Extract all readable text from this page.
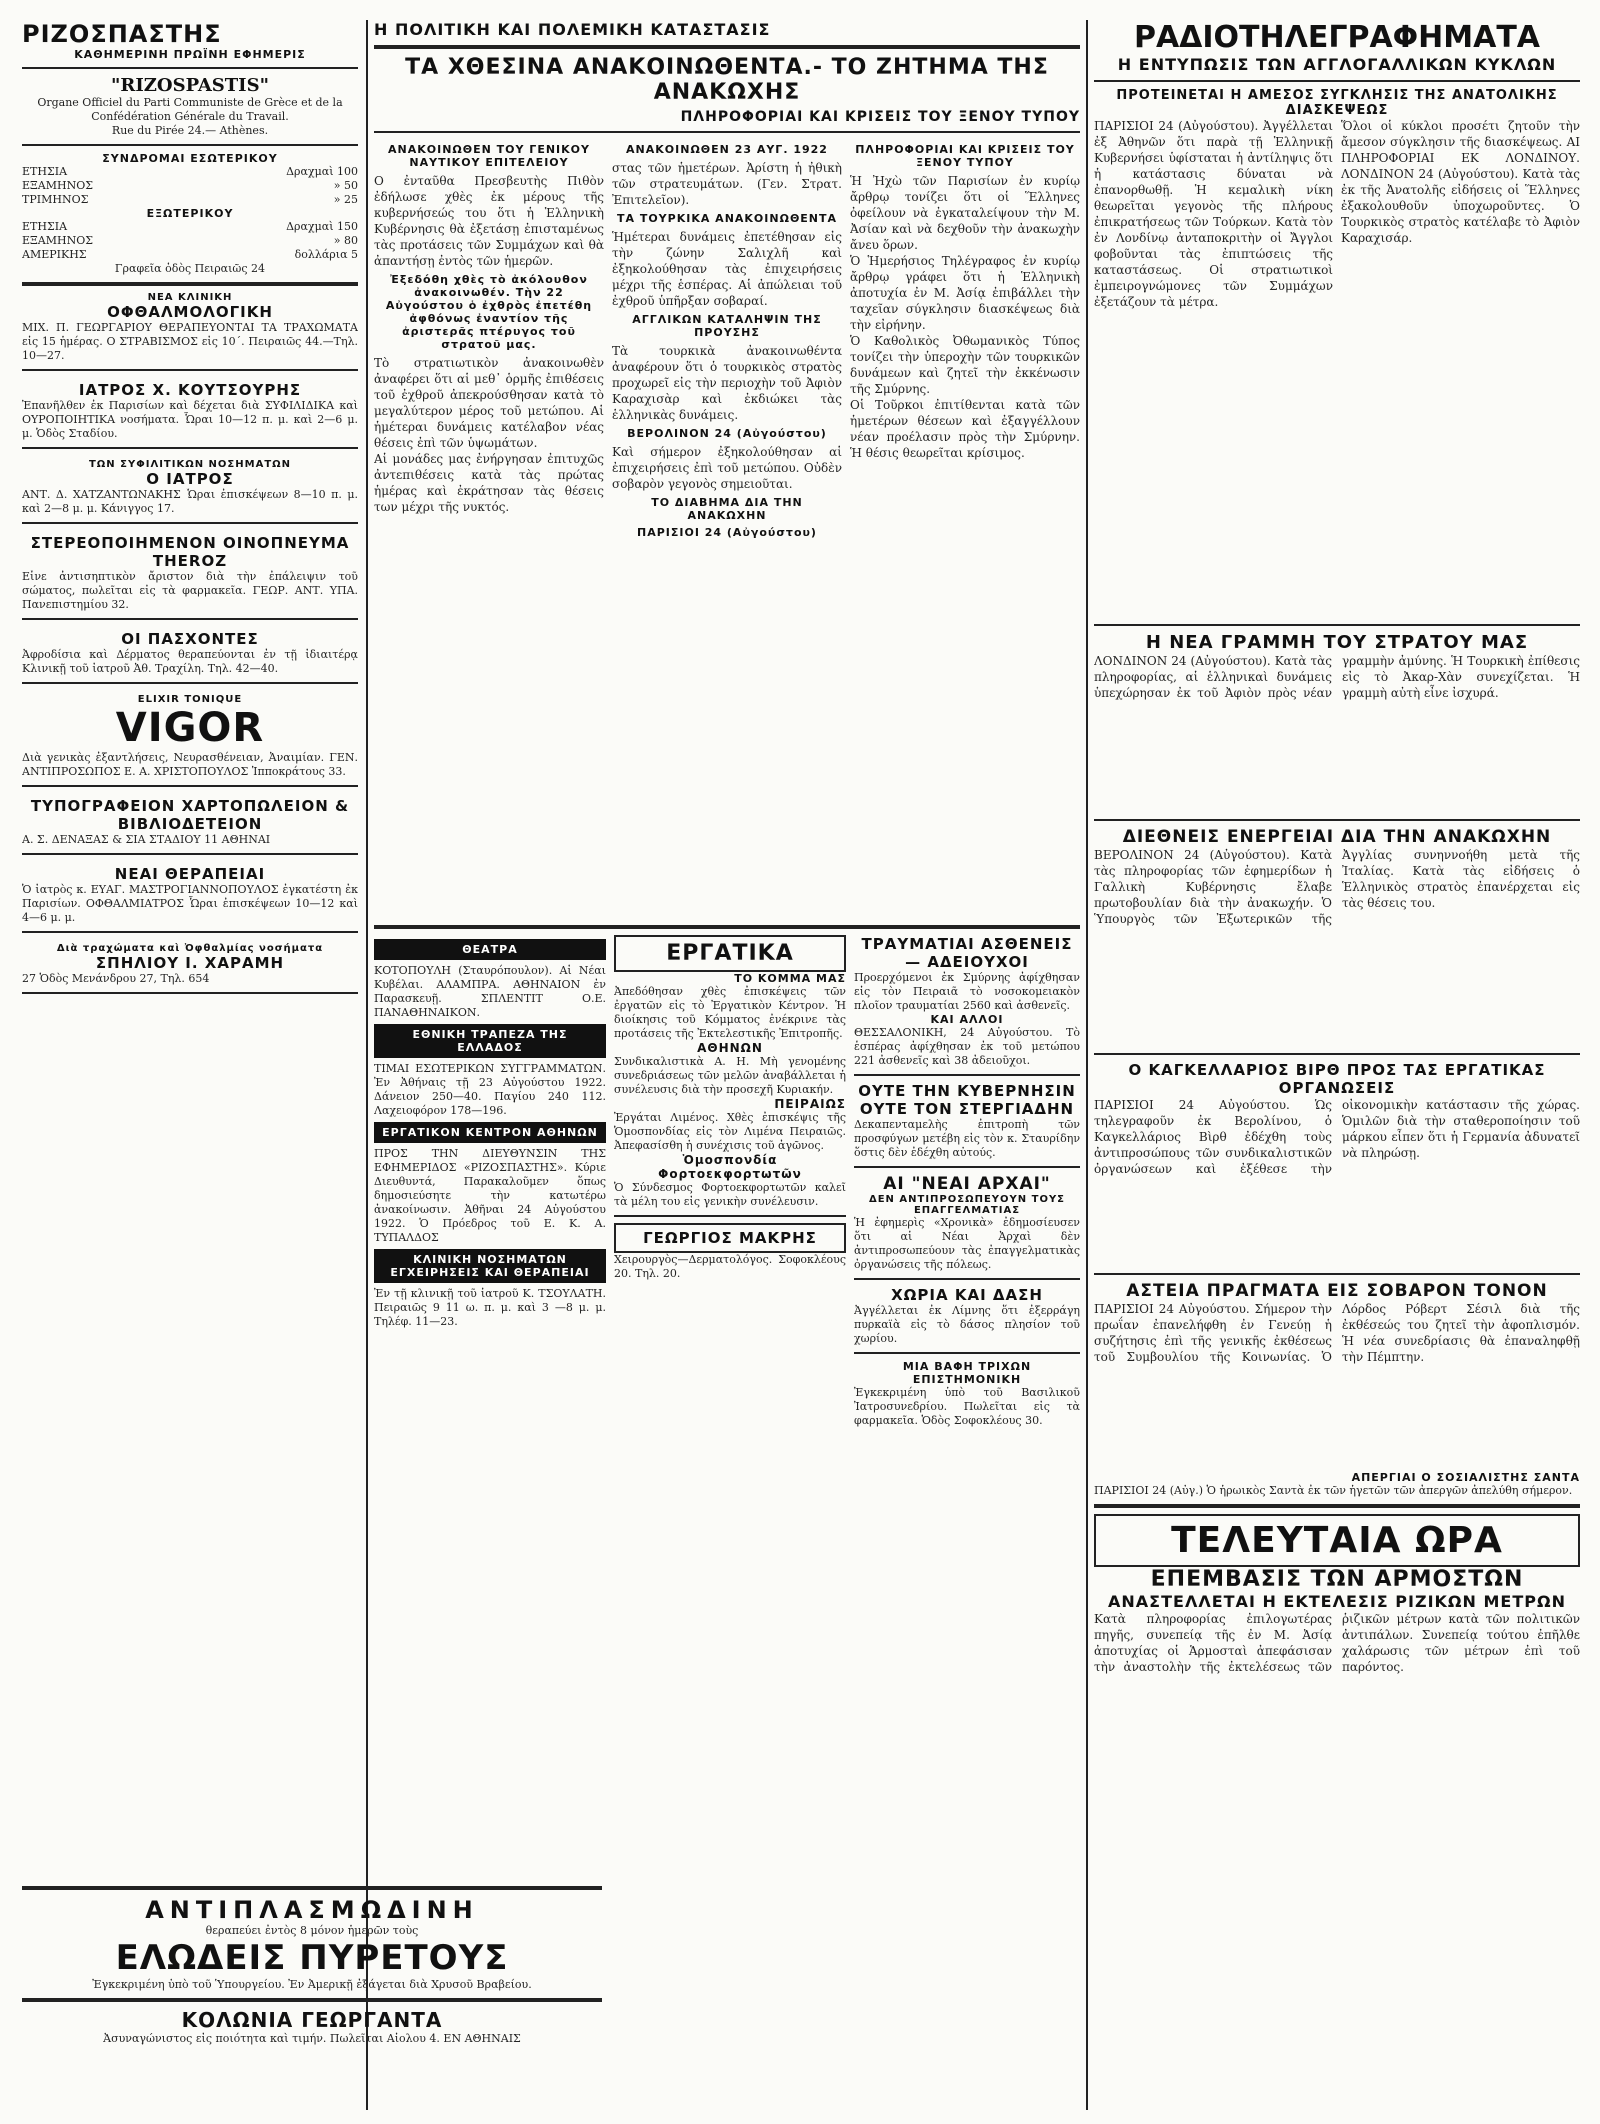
ΡΙΖΟΣΠΑΣΤΗΣ
ΚΑΘΗΜΕΡΙΝΗ ΠΡΩΪΝΗ ΕΦΗΜΕΡΙΣ
"RIZOSPASTIS"
Organe Officiel du Parti Communiste de Grèce et de la Confédération Générale du Travail.
Rue du Pirée 24.— Athènes.
ΣΥΝΔΡΟΜΑΙ ΕΣΩΤΕΡΙΚΟΥ
ΕΤΗΣΙΑ	Δραχμαὶ 100
ΕΞΑΜΗΝΟΣ	» 50
ΤΡΙΜΗΝΟΣ	» 25
ΕΞΩΤΕΡΙΚΟΥ
ΕΤΗΣΙΑ	Δραχμαὶ 150
ΕΞΑΜΗΝΟΣ	» 80
ΑΜΕΡΙΚΗΣ	δολλάρια 5
Γραφεῖα ὁδὸς Πειραιῶς 24
ΝΕΑ ΚΛΙΝΙΚΗ
ΟΦΘΑΛΜΟΛΟΓΙΚΗ
ΜΙΧ. Π. ΓΕΩΡΓΑΡΙΟΥ ΘΕΡΑΠΕΥΟΝΤΑΙ ΤΑ ΤΡΑΧΩΜΑΤΑ εἰς 15 ἡμέρας. Ο ΣΤΡΑΒΙΣΜΟΣ εἰς 10΄. Πειραιῶς 44.—Τηλ. 10—27.
ΙΑΤΡΟΣ Χ. ΚΟΥΤΣΟΥΡΗΣ
Ἐπανῆλθεν ἐκ Παρισίων καὶ δέχεται διὰ ΣΥΦΙΛΙΔΙΚΑ καὶ ΟΥΡΟΠΟΙΗΤΙΚΑ νοσήματα. Ὧραι 10—12 π. μ. καὶ 2—6 μ. μ. Ὁδὸς Σταδίου.
ΤΩΝ ΣΥΦΙΛΙΤΙΚΩΝ ΝΟΣΗΜΑΤΩΝ
Ο ΙΑΤΡΟΣ
ΑΝΤ. Δ. ΧΑΤΖΑΝΤΩΝΑΚΗΣ Ὧραι ἐπισκέψεων 8—10 π. μ. καὶ 2—8 μ. μ. Κάνιγγος 17.
ΣΤΕΡΕΟΠΟΙΗΜΕΝΟΝ ΟΙΝΟΠΝΕΥΜΑ THEROZ
Εἶνε ἀντισηπτικὸν ἄριστον διὰ τὴν ἐπάλειψιν τοῦ σώματος, πωλεῖται εἰς τὰ φαρμακεῖα. ΓΕΩΡ. ΑΝΤ. ΥΠΑ. Πανεπιστημίου 32.
ΟΙ ΠΑΣΧΟΝΤΕΣ
Ἀφροδίσια καὶ Δέρματος θεραπεύονται ἐν τῇ ἰδιαιτέρᾳ Κλινικῇ τοῦ ἰατροῦ Ἀθ. Τραχίλη. Τηλ. 42—40.
ELIXIR TONIQUE
VIGOR
Διὰ γενικὰς ἐξαντλήσεις, Νευρασθένειαν, Ἀναιμίαν. ΓΕΝ. ΑΝΤΙΠΡΟΣΩΠΟΣ Ε. Α. ΧΡΙΣΤΟΠΟΥΛΟΣ Ἱπποκράτους 33.
ΤΥΠΟΓΡΑΦΕΙΟΝ ΧΑΡΤΟΠΩΛΕΙΟΝ & ΒΙΒΛΙΟΔΕΤΕΙΟΝ
Α. Σ. ΔΕΝΑΞΑΣ & ΣΙΑ ΣΤΑΔΙΟΥ 11 ΑΘΗΝΑΙ
ΝΕΑΙ ΘΕΡΑΠΕΙΑΙ
Ὁ ἰατρὸς κ. ΕΥΑΓ. ΜΑΣΤΡΟΓΙΑΝΝΟΠΟΥΛΟΣ ἐγκατέστη ἐκ Παρισίων. ΟΦΘΑΛΜΙΑΤΡΟΣ Ὧραι ἐπισκέψεων 10—12 καὶ 4—6 μ. μ.
Διὰ τραχώματα καὶ Ὀφθαλμίας νοσήματα
ΣΠΗΛΙΟΥ Ι. ΧΑΡΑΜΗ
27 Ὁδὸς Μενάνδρου 27, Τηλ. 654
Η ΠΟΛΙΤΙΚΗ ΚΑΙ ΠΟΛΕΜΙΚΗ ΚΑΤΑΣΤΑΣΙΣ
ΤΑ ΧΘΕΣΙΝΑ ΑΝΑΚΟΙΝΩΘΕΝΤΑ.- ΤΟ ΖΗΤΗΜΑ ΤΗΣ ΑΝΑΚΩΧΗΣ
ΠΛΗΡΟΦΟΡΙΑΙ ΚΑΙ ΚΡΙΣΕΙΣ ΤΟΥ ΞΕΝΟΥ ΤΥΠΟΥ
ΑΝΑΚΟΙΝΩΘΕΝ ΤΟΥ ΓΕΝΙΚΟΥ ΝΑΥΤΙΚΟΥ ΕΠΙΤΕΛΕΙΟΥ
Ο ἐνταῦθα Πρεσβευτὴς Πιθὸν ἐδήλωσε χθὲς ἐκ μέρους τῆς κυβερνήσεώς του ὅτι ἡ Ἑλληνικὴ Κυβέρνησις θὰ ἐξετάσῃ ἐπισταμένως τὰς προτάσεις τῶν Συμμάχων καὶ θὰ ἀπαντήσῃ ἐντὸς τῶν ἡμερῶν.
Ἐξεδόθη χθὲς τὸ ἀκόλουθον ἀνακοινωθέν. Τὴν 22 Αὐγούστου ὁ ἐχθρὸς ἐπετέθη ἀφθόνως ἐναντίον τῆς ἀριστερᾶς πτέρυγος τοῦ στρατοῦ μας.
Τὸ στρατιωτικὸν ἀνακοινωθὲν ἀναφέρει ὅτι αἱ μεθ᾽ ὁρμῆς ἐπιθέσεις τοῦ ἐχθροῦ ἀπεκρούσθησαν κατὰ τὸ μεγαλύτερον μέρος τοῦ μετώπου. Αἱ ἡμέτεραι δυνάμεις κατέλαβον νέας θέσεις ἐπὶ τῶν ὑψωμάτων.
Αἱ μονάδες μας ἐνήργησαν ἐπιτυχῶς ἀντεπιθέσεις κατὰ τὰς πρώτας ἡμέρας καὶ ἐκράτησαν τὰς θέσεις των μέχρι τῆς νυκτός.
ΑΝΑΚΟΙΝΩΘΕΝ 23 ΑΥΓ. 1922
στας τῶν ἡμετέρων. Ἀρίστη ἡ ἠθικὴ τῶν στρατευμάτων. (Γεν. Στρατ. Ἐπιτελεῖον).
ΤΑ ΤΟΥΡΚΙΚΑ ΑΝΑΚΟΙΝΩΘΕΝΤΑ
Ἡμέτεραι δυνάμεις ἐπετέθησαν εἰς τὴν ζώνην Σαλιχλῆ καὶ ἐξηκολούθησαν τὰς ἐπιχειρήσεις μέχρι τῆς ἑσπέρας. Αἱ ἀπώλειαι τοῦ ἐχθροῦ ὑπῆρξαν σοβαραί.
ΑΓΓΛΙΚΩΝ ΚΑΤΑΛΗΨΙΝ ΤΗΣ ΠΡΟΥΣΗΣ
Τὰ τουρκικὰ ἀνακοινωθέντα ἀναφέρουν ὅτι ὁ τουρκικὸς στρατὸς προχωρεῖ εἰς τὴν περιοχὴν τοῦ Ἀφιὸν Καραχισὰρ καὶ ἐκδιώκει τὰς ἑλληνικὰς δυνάμεις.
ΒΕΡΟΛΙΝΟΝ 24 (Αὐγούστου)
Καὶ σήμερον ἐξηκολούθησαν αἱ ἐπιχειρήσεις ἐπὶ τοῦ μετώπου. Οὐδὲν σοβαρὸν γεγονὸς σημειοῦται.
ΤΟ ΔΙΑΒΗΜΑ ΔΙΑ ΤΗΝ ΑΝΑΚΩΧΗΝ
ΠΑΡΙΣΙΟΙ 24 (Αὐγούστου)
ΠΛΗΡΟΦΟΡΙΑΙ ΚΑΙ ΚΡΙΣΕΙΣ ΤΟΥ ΞΕΝΟΥ ΤΥΠΟΥ
Ἡ Ἠχὼ τῶν Παρισίων ἐν κυρίῳ ἄρθρῳ τονίζει ὅτι οἱ Ἕλληνες ὀφείλουν νὰ ἐγκαταλείψουν τὴν Μ. Ἀσίαν καὶ νὰ δεχθοῦν τὴν ἀνακωχὴν ἄνευ ὅρων.
Ὁ Ἡμερήσιος Τηλέγραφος ἐν κυρίῳ ἄρθρῳ γράφει ὅτι ἡ Ἑλληνικὴ ἀποτυχία ἐν Μ. Ἀσίᾳ ἐπιβάλλει τὴν ταχεῖαν σύγκλησιν διασκέψεως διὰ τὴν εἰρήνην.
Ὁ Καθολικὸς Ὀθωμανικὸς Τύπος τονίζει τὴν ὑπεροχὴν τῶν τουρκικῶν δυνάμεων καὶ ζητεῖ τὴν ἐκκένωσιν τῆς Σμύρνης.
Οἱ Τοῦρκοι ἐπιτίθενται κατὰ τῶν ἡμετέρων θέσεων καὶ ἐξαγγέλλουν νέαν προέλασιν πρὸς τὴν Σμύρνην. Ἡ θέσις θεωρεῖται κρίσιμος.
ΘΕΑΤΡΑ
ΚΟΤΟΠΟΥΛΗ (Σταυρόπουλον). Αἱ Νέαι Κυβέλαι. ΑΛΑΜΠΡΑ. ΑΘΗΝΑΙΟΝ ἐν Παρασκευῇ. ΣΠΛΕΝΤΙΤ Ο.Ε. ΠΑΝΑΘΗΝΑΙΚΟΝ.
ΕΘΝΙΚΗ ΤΡΑΠΕΖΑ ΤΗΣ ΕΛΛΑΔΟΣ
ΤΙΜΑΙ ΕΣΩΤΕΡΙΚΩΝ ΣΥΓΓΡΑΜΜΑΤΩΝ. Ἐν Ἀθήναις τῇ 23 Αὐγούστου 1922. Δάνειον 250—40. Παγίου 240 112. Λαχειοφόρον 178—196.
ΕΡΓΑΤΙΚΟΝ ΚΕΝΤΡΟΝ ΑΘΗΝΩΝ
ΠΡΟΣ ΤΗΝ ΔΙΕΥΘΥΝΣΙΝ ΤΗΣ ΕΦΗΜΕΡΙΔΟΣ «ΡΙΖΟΣΠΑΣΤΗΣ». Κύριε Διευθυντά, Παρακαλοῦμεν ὅπως δημοσιεύσητε τὴν κατωτέρω ἀνακοίνωσιν. Ἀθῆναι 24 Αὐγούστου 1922. Ὁ Πρόεδρος τοῦ Ε. Κ. Α. ΤΥΠΑΛΔΟΣ
ΚΛΙΝΙΚΗ ΝΟΣΗΜΑΤΩΝ ΕΓΧΕΙΡΗΣΕΙΣ ΚΑΙ ΘΕΡΑΠΕΙΑΙ
Ἐν τῇ κλινικῇ τοῦ ἰατροῦ Κ. ΤΣΟΥΛΑΤΗ. Πειραιῶς 9 11 ω. π. μ. καὶ 3 —8 μ. μ. Τηλέφ. 11—23.
ΕΡΓΑΤΙΚΑ
ΤΟ ΚΟΜΜΑ ΜΑΣ
Ἀπεδόθησαν χθὲς ἐπισκέψεις τῶν ἐργατῶν εἰς τὸ Ἐργατικὸν Κέντρον. Ἡ διοίκησις τοῦ Κόμματος ἐνέκρινε τὰς προτάσεις τῆς Ἐκτελεστικῆς Ἐπιτροπῆς.
ΑΘΗΝΩΝ
Συνδικαλιστικὰ Α. Η. Μὴ γενομένης συνεδριάσεως τῶν μελῶν ἀναβάλλεται ἡ συνέλευσις διὰ τὴν προσεχῆ Κυριακήν.
ΠΕΙΡΑΙΩΣ
Ἐργάται Λιμένος. Χθὲς ἐπισκέψις τῆς Ὁμοσπονδίας εἰς τὸν Λιμένα Πειραιῶς. Ἀπεφασίσθη ἡ συνέχισις τοῦ ἀγῶνος.
Ὁμοσπονδία Φορτοεκφορτωτῶν
Ὁ Σύνδεσμος Φορτοεκφορτωτῶν καλεῖ τὰ μέλη του εἰς γενικὴν συνέλευσιν.
ΓΕΩΡΓΙΟΣ ΜΑΚΡΗΣ
Χειρουργὸς—Δερματολόγος. Σοφοκλέους 20. Τηλ. 20.
ΤΡΑΥΜΑΤΙΑΙ ΑΣΘΕΝΕΙΣ — ΑΔΕΙΟΥΧΟΙ
Προερχόμενοι ἐκ Σμύρνης ἀφίχθησαν εἰς τὸν Πειραιᾶ τὸ νοσοκομειακὸν πλοῖον τραυματίαι 2560 καὶ ἀσθενεῖς.
ΚΑΙ ΑΛΛΟΙ
ΘΕΣΣΑΛΟΝΙΚΗ, 24 Αὐγούστου. Τὸ ἑσπέρας ἀφίχθησαν ἐκ τοῦ μετώπου 221 ἀσθενεῖς καὶ 38 ἀδειοῦχοι.
ΟΥΤΕ ΤΗΝ ΚΥΒΕΡΝΗΣΙΝ ΟΥΤΕ ΤΟΝ ΣΤΕΡΓΙΑΔΗΝ
Δεκαπενταμελὴς ἐπιτροπὴ τῶν προσφύγων μετέβη εἰς τὸν κ. Σταυρίδην ὅστις δὲν ἐδέχθη αὐτούς.
ΑΙ "ΝΕΑΙ ΑΡΧΑΙ"
ΔΕΝ ΑΝΤΙΠΡΟΣΩΠΕΥΟΥΝ ΤΟΥΣ ΕΠΑΓΓΕΛΜΑΤΙΑΣ
Ἡ ἐφημερὶς «Χρονικὰ» ἐδημοσίευσεν ὅτι αἱ Νέαι Ἀρχαὶ δὲν ἀντιπροσωπεύουν τὰς ἐπαγγελματικὰς ὀργανώσεις τῆς πόλεως.
ΧΩΡΙΑ ΚΑΙ ΔΑΣΗ
Ἀγγέλλεται ἐκ Λίμνης ὅτι ἐξερράγη πυρκαϊὰ εἰς τὸ δάσος πλησίον τοῦ χωρίου.
ΜΙΑ ΒΑΦΗ ΤΡΙΧΩΝ ΕΠΙΣΤΗΜΟΝΙΚΗ
Ἐγκεκριμένη ὑπὸ τοῦ Βασιλικοῦ Ἰατροσυνεδρίου. Πωλεῖται εἰς τὰ φαρμακεῖα. Ὁδὸς Σοφοκλέους 30.
ΑΝΤΙΠΛΑΣΜΩΔΙΝΗ
θεραπεύει ἐντὸς 8 μόνον ἡμερῶν τοὺς
ΕΛΩΔΕΙΣ ΠΥΡΕΤΟΥΣ
Ἐγκεκριμένη ὑπὸ τοῦ Ὑπουργείου. Ἐν Ἀμερικῇ ἐξάγεται διὰ Χρυσοῦ Βραβείου.
ΚΟΛΩΝΙΑ ΓΕΩΡΓΑΝΤΑ
Ἀσυναγώνιστος εἰς ποιότητα καὶ τιμήν. Πωλεῖται Αἰολου 4. ΕΝ ΑΘΗΝΑΙΣ
ΡΑΔΙΟΤΗΛΕΓΡΑΦΗΜΑΤΑ
Η ΕΝΤΥΠΩΣΙΣ ΤΩΝ ΑΓΓΛΟΓΑΛΛΙΚΩΝ ΚΥΚΛΩΝ
ΠΡΟΤΕΙΝΕΤΑΙ Η ΑΜΕΣΟΣ ΣΥΓΚΛΗΣΙΣ ΤΗΣ ΑΝΑΤΟΛΙΚΗΣ ΔΙΑΣΚΕΨΕΩΣ
ΠΑΡΙΣΙΟΙ 24 (Αὐγούστου). Ἀγγέλλεται ἐξ Ἀθηνῶν ὅτι παρὰ τῇ Ἑλληνικῇ Κυβερνήσει ὑφίσταται ἡ ἀντίληψις ὅτι ἡ κατάστασις δύναται νὰ ἐπανορθωθῇ. Ἡ κεμαλικὴ νίκη θεωρεῖται γεγονὸς τῆς πλήρους ἐπικρατήσεως τῶν Τούρκων. Κατὰ τὸν ἐν Λονδίνῳ ἀνταποκριτὴν οἱ Ἄγγλοι φοβοῦνται τὰς ἐπιπτώσεις τῆς καταστάσεως. Οἱ στρατιωτικοὶ ἐμπειρογνώμονες τῶν Συμμάχων ἐξετάζουν τὰ μέτρα.
Ὅλοι οἱ κύκλοι προσέτι ζητοῦν τὴν ἄμεσον σύγκλησιν τῆς διασκέψεως. ΑΙ ΠΛΗΡΟΦΟΡΙΑΙ ΕΚ ΛΟΝΔΙΝΟΥ. ΛΟΝΔΙΝΟΝ 24 (Αὐγούστου). Κατὰ τὰς ἐκ τῆς Ἀνατολῆς εἰδήσεις οἱ Ἕλληνες ἐξακολουθοῦν ὑποχωροῦντες. Ὁ Τουρκικὸς στρατὸς κατέλαβε τὸ Ἀφιὸν Καραχισάρ.
Η ΝΕΑ ΓΡΑΜΜΗ ΤΟΥ ΣΤΡΑΤΟΥ ΜΑΣ
ΛΟΝΔΙΝΟΝ 24 (Αὐγούστου). Κατὰ τὰς πληροφορίας, αἱ ἑλληνικαὶ δυνάμεις ὑπεχώρησαν ἐκ τοῦ Ἀφιὸν πρὸς νέαν γραμμὴν ἀμύνης. Ἡ Τουρκικὴ ἐπίθεσις εἰς τὸ Ἀκαρ-Χὰν συνεχίζεται. Ἡ γραμμὴ αὐτὴ εἶνε ἰσχυρά.
ΔΙΕΘΝΕΙΣ ΕΝΕΡΓΕΙΑΙ ΔΙΑ ΤΗΝ ΑΝΑΚΩΧΗΝ
ΒΕΡΟΛΙΝΟΝ 24 (Αὐγούστου). Κατὰ τὰς πληροφορίας τῶν ἐφημερίδων ἡ Γαλλικὴ Κυβέρνησις ἔλαβε πρωτοβουλίαν διὰ τὴν ἀνακωχήν. Ὁ Ὑπουργὸς τῶν Ἐξωτερικῶν τῆς Ἀγγλίας συνηννοήθη μετὰ τῆς Ἰταλίας. Κατὰ τὰς εἰδήσεις ὁ Ἑλληνικὸς στρατὸς ἐπανέρχεται εἰς τὰς θέσεις του.
Ο ΚΑΓΚΕΛΛΑΡΙΟΣ ΒΙΡΘ ΠΡΟΣ ΤΑΣ ΕΡΓΑΤΙΚΑΣ ΟΡΓΑΝΩΣΕΙΣ
ΠΑΡΙΣΙΟΙ 24 Αὐγούστου. Ὡς τηλεγραφοῦν ἐκ Βερολίνου, ὁ Καγκελλάριος Βὶρθ ἐδέχθη τοὺς ἀντιπροσώπους τῶν συνδικαλιστικῶν ὀργανώσεων καὶ ἐξέθεσε τὴν οἰκονομικὴν κατάστασιν τῆς χώρας. Ὁμιλῶν διὰ τὴν σταθεροποίησιν τοῦ μάρκου εἶπεν ὅτι ἡ Γερμανία ἀδυνατεῖ νὰ πληρώσῃ.
ΑΣΤΕΙΑ ΠΡΑΓΜΑΤΑ ΕΙΣ ΣΟΒΑΡΟΝ ΤΟΝΟΝ
ΠΑΡΙΣΙΟΙ 24 Αὐγούστου. Σήμερον τὴν πρωΐαν ἐπανελήφθη ἐν Γενεύῃ ἡ συζήτησις ἐπὶ τῆς γενικῆς ἐκθέσεως τοῦ Συμβουλίου τῆς Κοινωνίας. Ὁ Λόρδος Ρόβερτ Σέσιλ διὰ τῆς ἐκθέσεώς του ζητεῖ τὴν ἀφοπλισμόν. Ἡ νέα συνεδρίασις θὰ ἐπαναληφθῇ τὴν Πέμπτην.
ΑΠΕΡΓΙΑΙ Ο ΣΟΣΙΑΛΙΣΤΗΣ ΣΑΝΤΑ
ΠΑΡΙΣΙΟΙ 24 (Αὐγ.) Ὁ ἡρωικὸς Σαντὰ ἐκ τῶν ἡγετῶν τῶν ἀπεργῶν ἀπελύθη σήμερον.
ΤΕΛΕΥΤΑΙΑ ΩΡΑ
ΕΠΕΜΒΑΣΙΣ ΤΩΝ ΑΡΜΟΣΤΩΝ
ΑΝΑΣΤΕΛΛΕΤΑΙ Η ΕΚΤΕΛΕΣΙΣ ΡΙΖΙΚΩΝ ΜΕΤΡΩΝ
Κατὰ πληροφορίας ἐπιλογωτέρας πηγῆς, συνεπείᾳ τῆς ἐν Μ. Ἀσίᾳ ἀποτυχίας οἱ Ἁρμοσταὶ ἀπεφάσισαν τὴν ἀναστολὴν τῆς ἐκτελέσεως τῶν ῥιζικῶν μέτρων κατὰ τῶν πολιτικῶν ἀντιπάλων. Συνεπείᾳ τούτου ἐπῆλθε χαλάρωσις τῶν μέτρων ἐπὶ τοῦ παρόντος.
